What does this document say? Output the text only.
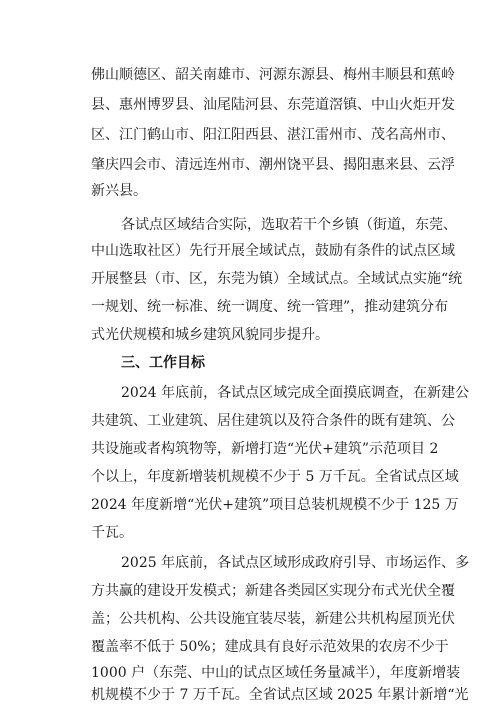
佛山顺德区、韶关南雄市、河源东源县、梅州丰顺县和蕉岭
县、惠州博罗县、汕尾陆河县、东莞道滘镇、中山火炬开发
区、江门鹤山市、阳江阳西县、湛江雷州市、茂名高州市、
肇庆四会市、清远连州市、潮州饶平县、揭阳惠来县、云浮
新兴县。
各试点区域结合实际，选取若干个乡镇（街道，东莞、
中山选取社区）先行开展全域试点，鼓励有条件的试点区域
开展整县（市、区，东莞为镇）全域试点。全域试点实施“统
一规划、统一标准、统一调度、统一管理”，推动建筑分布
式光伏规模和城乡建筑风貌同步提升。
三、工作目标
2024 年底前，各试点区域完成全面摸底调查，在新建公
共建筑、工业建筑、居住建筑以及符合条件的既有建筑、公
共设施或者构筑物等，新增打造“光伏+建筑”示范项目 2
个以上，年度新增装机规模不少于 5 万千瓦。全省试点区域
2024 年度新增“光伏+建筑”项目总装机规模不少于 125 万
千瓦。
2025 年底前，各试点区域形成政府引导、市场运作、多
方共赢的建设开发模式；新建各类园区实现分布式光伏全覆
盖；公共机构、公共设施宜装尽装，新建公共机构屋顶光伏
覆盖率不低于 50%；建成具有良好示范效果的农房不少于
1000 户（东莞、中山的试点区域任务量减半），年度新增装
机规模不少于 7 万千瓦。全省试点区域 2025 年累计新增“光
